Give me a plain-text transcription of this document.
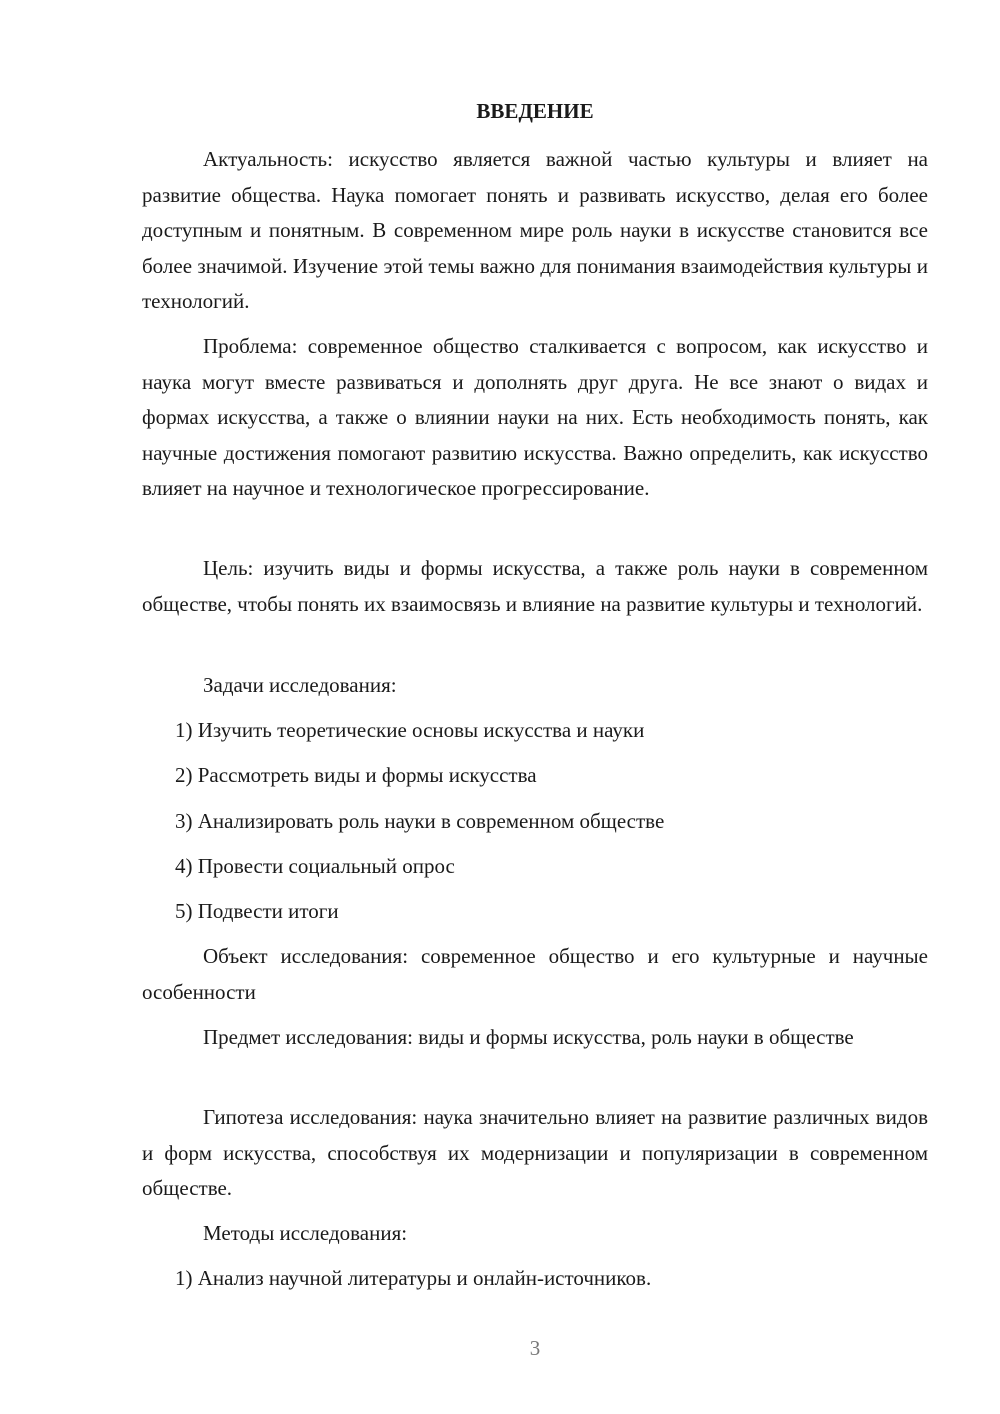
ВВЕДЕНИЕ

Актуальность: искусство является важной частью культуры и влияет на развитие общества. Наука помогает понять и развивать искусство, делая его более доступным и понятным. В современном мире роль науки в искусстве становится все более значимой. Изучение этой темы важно для понимания взаимодействия культуры и технологий.

Проблема: современное общество сталкивается с вопросом, как искусство и наука могут вместе развиваться и дополнять друг друга. Не все знают о видах и формах искусства, а также о влиянии науки на них. Есть необходимость понять, как научные достижения помогают развитию искусства. Важно определить, как искусство влияет на научное и технологическое прогрессирование.

Цель: изучить виды и формы искусства, а также роль науки в современном обществе, чтобы понять их взаимосвязь и влияние на развитие культуры и технологий.

Задачи исследования:

1) Изучить теоретические основы искусства и науки

2) Рассмотреть виды и формы искусства

3) Анализировать роль науки в современном обществе

4) Провести социальный опрос

5) Подвести итоги

Объект исследования: современное общество и его культурные и научные особенности

Предмет исследования: виды и формы искусства, роль науки в обществе

Гипотеза исследования: наука значительно влияет на развитие различных видов и форм искусства, способствуя их модернизации и популяризации в современном обществе.

Методы исследования:

1) Анализ научной литературы и онлайн-источников.

3
